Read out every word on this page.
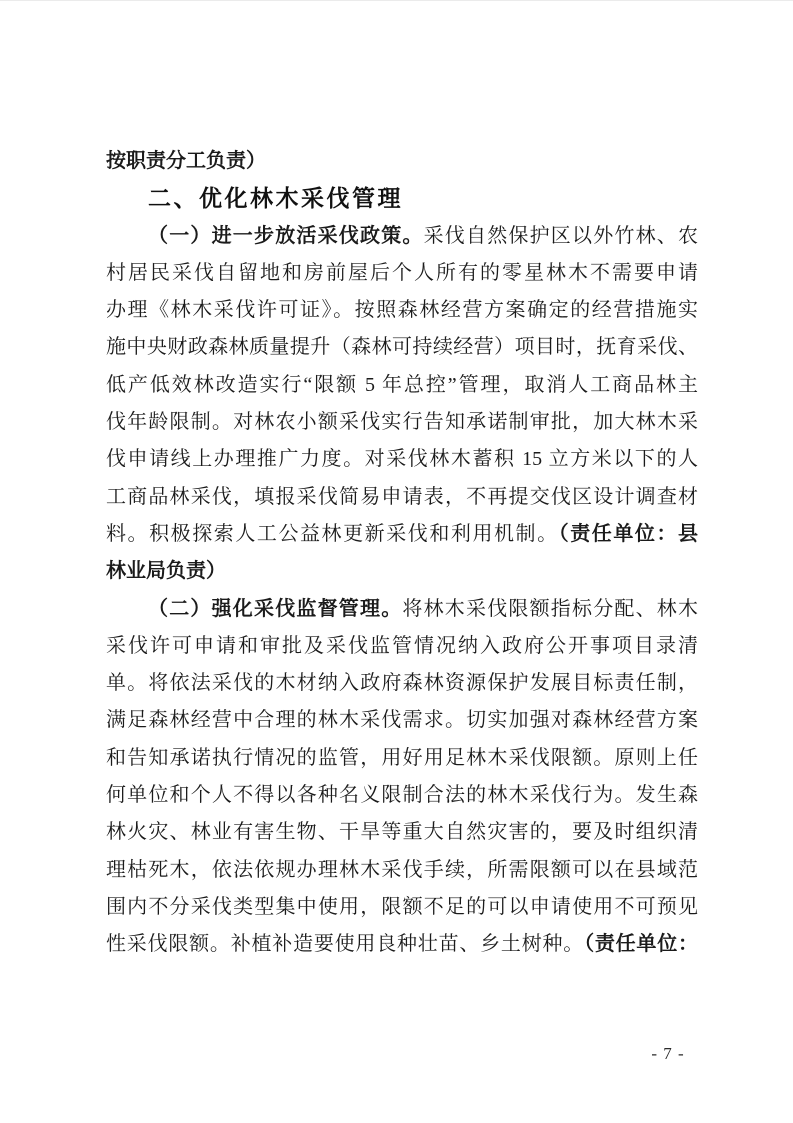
按职责分工负责）
二、优化林木采伐管理
（一）进一步放活采伐政策。采伐自然保护区以外竹林、农
村居民采伐自留地和房前屋后个人所有的零星林木不需要申请
办理《林木采伐许可证》。按照森林经营方案确定的经营措施实
施中央财政森林质量提升（森林可持续经营）项目时，抚育采伐、
低产低效林改造实行“限额 5 年总控”管理，取消人工商品林主
伐年龄限制。对林农小额采伐实行告知承诺制审批，加大林木采
伐申请线上办理推广力度。对采伐林木蓄积 15 立方米以下的人
工商品林采伐，填报采伐简易申请表，不再提交伐区设计调查材
料。积极探索人工公益林更新采伐和利用机制。（责任单位：县
林业局负责）
（二）强化采伐监督管理。将林木采伐限额指标分配、林木
采伐许可申请和审批及采伐监管情况纳入政府公开事项目录清
单。将依法采伐的木材纳入政府森林资源保护发展目标责任制，
满足森林经营中合理的林木采伐需求。切实加强对森林经营方案
和告知承诺执行情况的监管，用好用足林木采伐限额。原则上任
何单位和个人不得以各种名义限制合法的林木采伐行为。发生森
林火灾、林业有害生物、干旱等重大自然灾害的，要及时组织清
理枯死木，依法依规办理林木采伐手续，所需限额可以在县域范
围内不分采伐类型集中使用，限额不足的可以申请使用不可预见
性采伐限额。补植补造要使用良种壮苗、乡土树种。（责任单位：
- 7 -
